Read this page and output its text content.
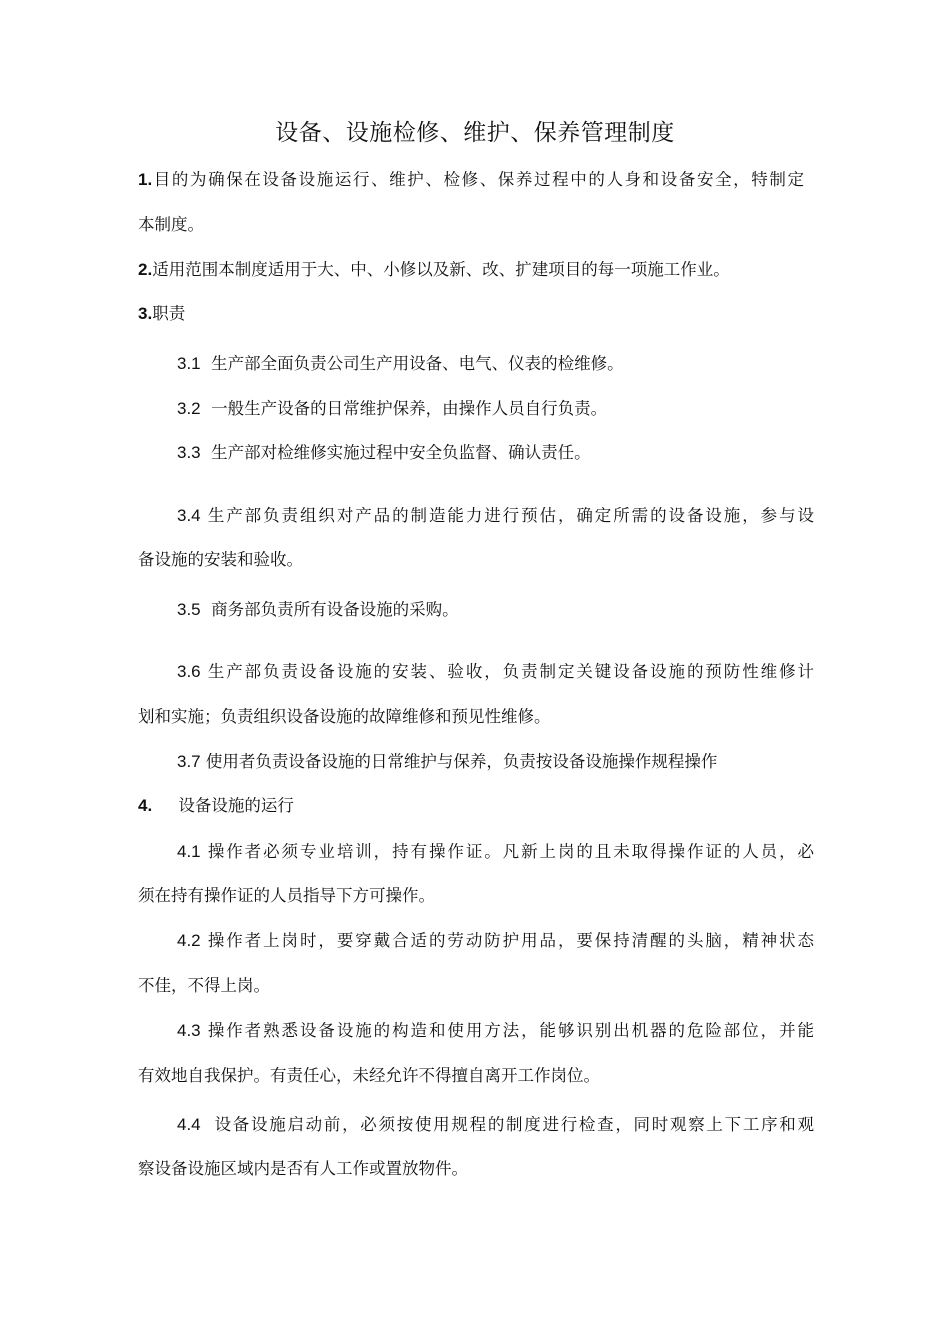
设备、设施检修、维护、保养管理制度
1.目的为确保在设备设施运行、维护、检修、保养过程中的人身和设备安全，特制定
本制度。
2.适用范围本制度适用于大、中、小修以及新、改、扩建项目的每一项施工作业。
3.职责
3.1 生产部全面负责公司生产用设备、电气、仪表的检维修。
3.2 一般生产设备的日常维护保养，由操作人员自行负责。
3.3 生产部对检维修实施过程中安全负监督、确认责任。
3.4 生产部负责组织对产品的制造能力进行预估，确定所需的设备设施，参与设
备设施的安装和验收。
3.5 商务部负责所有设备设施的采购。
3.6 生产部负责设备设施的安装、验收，负责制定关键设备设施的预防性维修计
划和实施；负责组织设备设施的故障维修和预见性维修。
3.7 使用者负责设备设施的日常维护与保养，负责按设备设施操作规程操作
4. 设备设施的运行
4.1 操作者必须专业培训，持有操作证。凡新上岗的且未取得操作证的人员，必
须在持有操作证的人员指导下方可操作。
4.2 操作者上岗时，要穿戴合适的劳动防护用品，要保持清醒的头脑，精神状态
不佳，不得上岗。
4.3 操作者熟悉设备设施的构造和使用方法，能够识别出机器的危险部位，并能
有效地自我保护。有责任心，未经允许不得擅自离开工作岗位。
4.4 设备设施启动前，必须按使用规程的制度进行检查，同时观察上下工序和观
察设备设施区域内是否有人工作或置放物件。
